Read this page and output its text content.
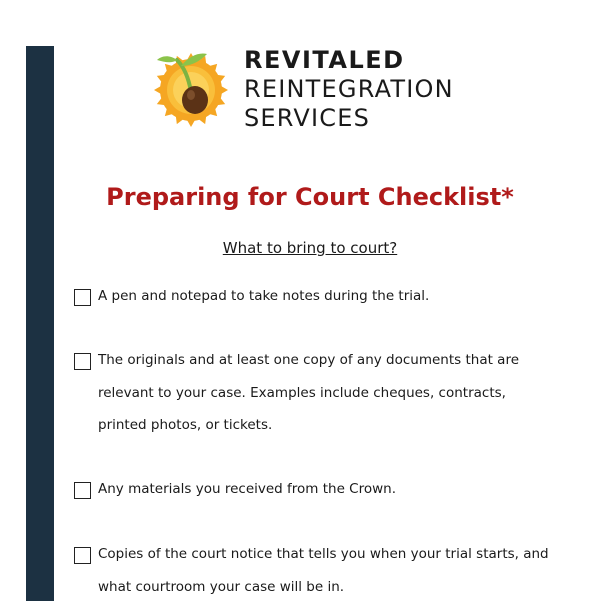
REVITALED
REINTEGRATION
SERVICES
Preparing for Court Checklist*
What to bring to court?
A pen and notepad to take notes during the trial.
The originals and at least one copy of any documents that are relevant to your case. Examples include cheques, contracts, printed photos, or tickets.
Any materials you received from the Crown.
Copies of the court notice that tells you when your trial starts, and what courtroom your case will be in.
